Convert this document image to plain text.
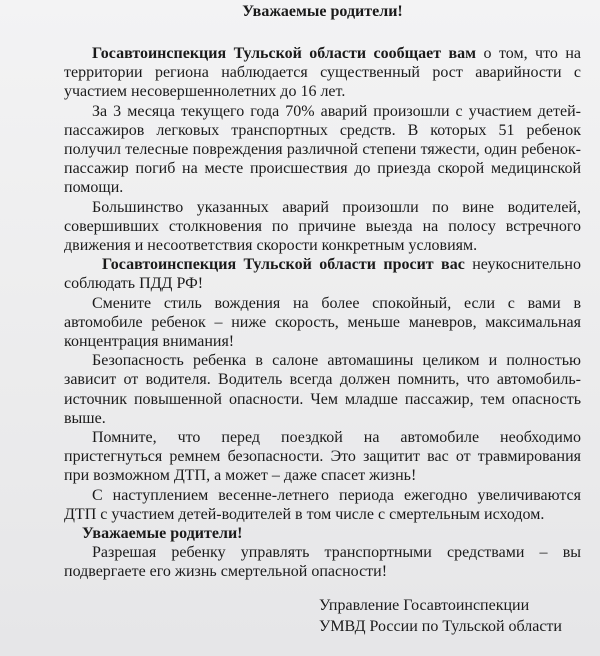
Уважаемые родители!

Госавтоинспекция Тульской области сообщает вам о том, что на территории региона наблюдается существенный рост аварийности с участием несовершеннолетних до 16 лет.

За 3 месяца текущего года 70% аварий произошли с участием детей-пассажиров легковых транспортных средств. В которых 51 ребенок получил телесные повреждения различной степени тяжести, один ребенок-пассажир погиб на месте происшествия до приезда скорой медицинской помощи.

Большинство указанных аварий произошли по вине водителей, совершивших столкновения по причине выезда на полосу встречного движения и несоответствия скорости конкретным условиям.

Госавтоинспекция Тульской области просит вас неукоснительно соблюдать ПДД РФ!

Смените стиль вождения на более спокойный, если с вами в автомобиле ребенок – ниже скорость, меньше маневров, максимальная концентрация внимания!

Безопасность ребенка в салоне автомашины целиком и полностью зависит от водителя. Водитель всегда должен помнить, что автомобиль-источник повышенной опасности. Чем младше пассажир, тем опасность выше.

Помните, что перед поездкой на автомобиле необходимо пристегнуться ремнем безопасности. Это защитит вас от травмирования при возможном ДТП, а может – даже спасет жизнь!

С наступлением весенне-летнего периода ежегодно увеличиваются ДТП с участием детей-водителей в том числе с смертельным исходом.

Уважаемые родители!

Разрешая ребенку управлять транспортными средствами – вы подвергаете его жизнь смертельной опасности!

Управление Госавтоинспекции
УМВД России по Тульской области
